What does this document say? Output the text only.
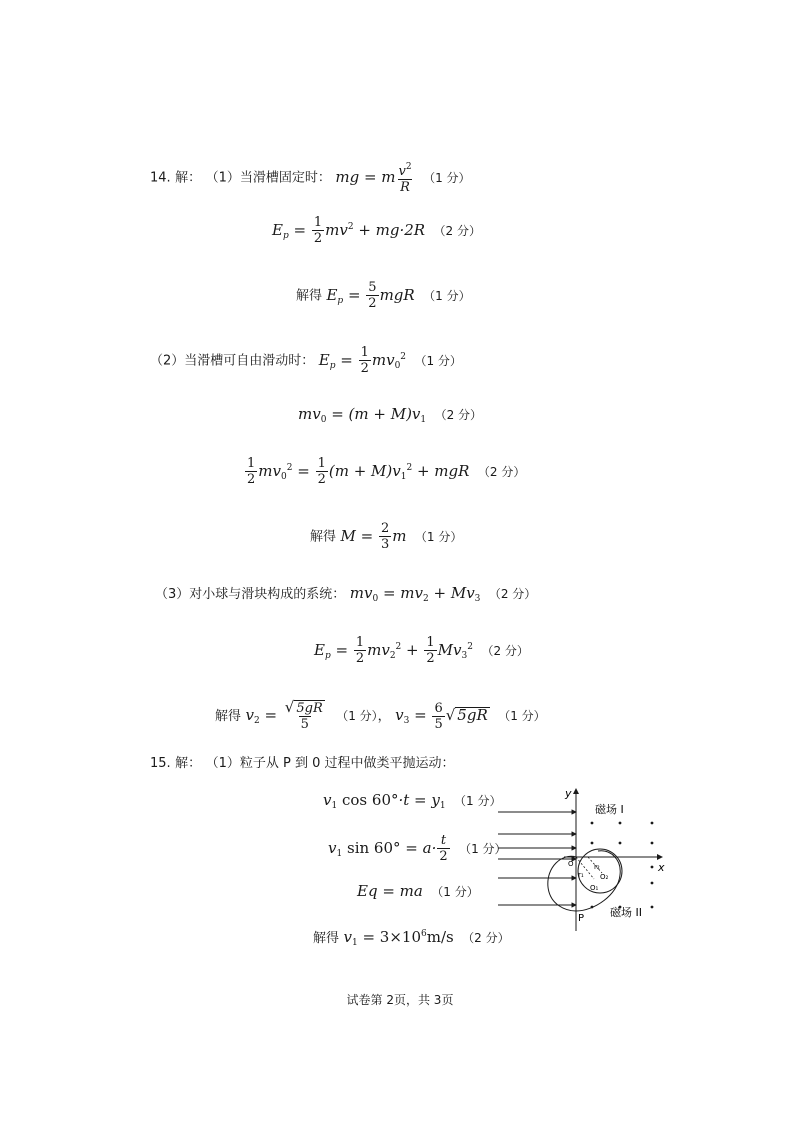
14. 解： （1）当滑槽固定时： mg = m $\frac{v^2}{R} (1$ 分）
$E_p = \frac{1}{2} mv^2 + mg\cdot 2R$ （2 分）
解得 $E_p = \frac{5}{2}$ mgR （1 分）
（2）当滑槽可自由滑动时： $E_p = \frac{1}{2} mv_0^2$ （1 分）
$mv_0 = (m + M)v_1$ （2 分）
$\frac{1}{2} mv_0^2 = \frac{1}{2} (m + M)v_1^2$ + mgR （2 分）
解得 $M = \frac{2}{3}$ m （1 分）
（3）对小球与滑块构成的系统： $mv_0 = mv_2 + Mv_3$ （2 分）
$E_p = \frac{1}{2} mv_2^2 + \frac{1}{2} Mv_3^2$ （2 分）
解得 $v_2 = \frac{√ 5gR}{5} (1$ 分）， $v_3 = \frac{6}{5}$ √ 5gR （1 分）
15. 解： （1）粒子从 P 到 0 过程中做类平抛运动：
$v_1$ $\cos 60^\circ\cdot t = y_1$ （1 分）
$v_1$ $\sin 60^\circ = a\cdot \frac{t}{2} (1$ 分）
Eq = ma （1 分）
解得 $v_1 = 3\times 10^6m/s$ （2 分）
y
x
磁场 I
磁场 II
P
O
O₁
O₂
r₁
r₂
试卷第 2页，共 3页
